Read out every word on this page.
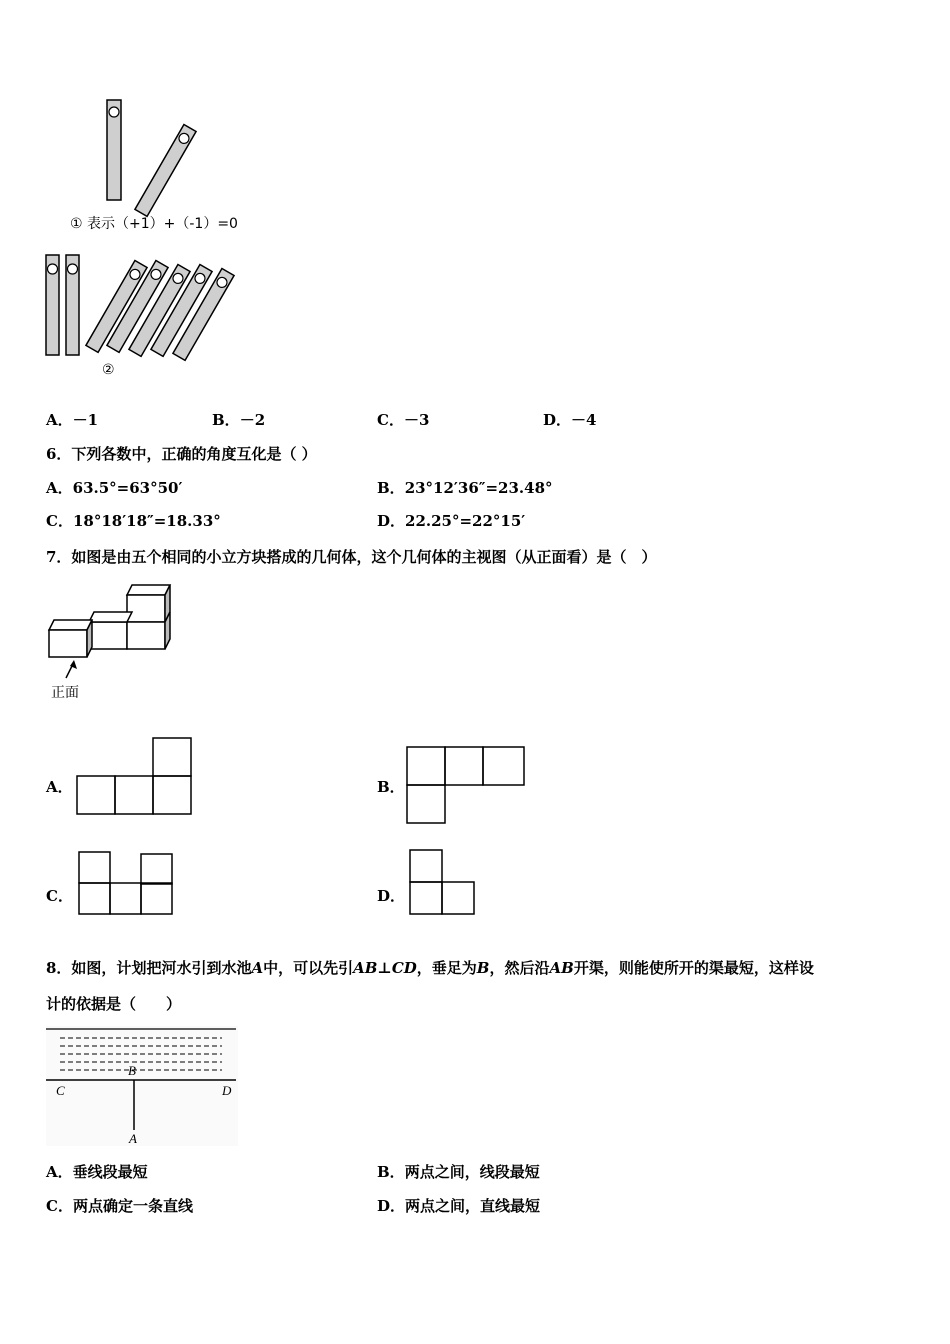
① 表示（+1）+（-1）=0
②
A．－1	B．－2	C．－3	D．－4
6．下列各数中，正确的角度互化是（ ）
A．63.5°=63°50′	B．23°12′36″=23.48°
C．18°18′18″=18.33°	D．22.25°=22°15′
7．如图是由五个相同的小立方块搭成的几何体，这个几何体的主视图（从正面看）是（　）
正面
A．	B．
C．	D．
8．如图，计划把河水引到水池A中，可以先引AB⊥CD，垂足为B，然后沿AB开渠，则能使所开的渠最短，这样设
计的依据是（　　）
B
C	D
A
A．垂线段最短	B．两点之间，线段最短
C．两点确定一条直线	D．两点之间，直线最短
